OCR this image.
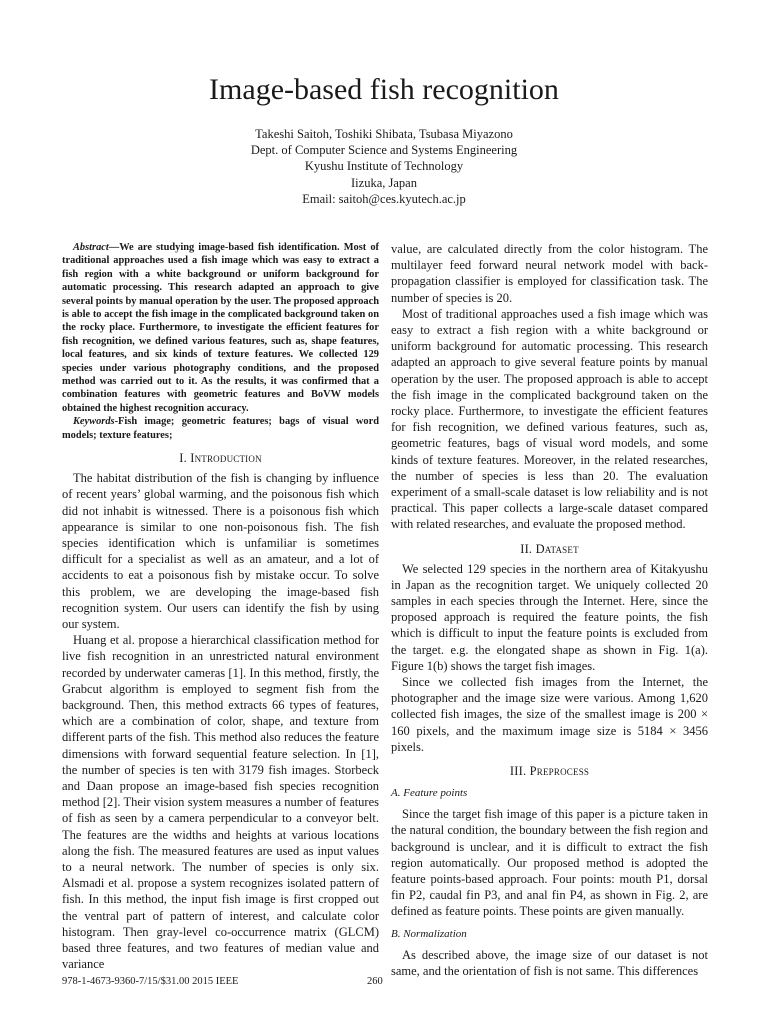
Image-based fish recognition
Takeshi Saitoh, Toshiki Shibata, Tsubasa Miyazono
Dept. of Computer Science and Systems Engineering
Kyushu Institute of Technology
Iizuka, Japan
Email: saitoh@ces.kyutech.ac.jp

Abstract—We are studying image-based fish identification. Most of traditional approaches used a fish image which was easy to extract a fish region with a white background or uniform background for automatic processing. This research adapted an approach to give several points by manual operation by the user. The proposed approach is able to accept the fish image in the complicated background taken on the rocky place. Furthermore, to investigate the efficient features for fish recognition, we defined various features, such as, shape features, local features, and six kinds of texture features. We collected 129 species under various photography conditions, and the proposed method was carried out to it. As the results, it was confirmed that a combination features with geometric features and BoVW models obtained the highest recognition accuracy.

Keywords-Fish image; geometric features; bags of visual word models; texture features;

I. Introduction

The habitat distribution of the fish is changing by influence of recent years’ global warming, and the poisonous fish which did not inhabit is witnessed. There is a poisonous fish which appearance is similar to one non-poisonous fish. The fish species identification which is unfamiliar is sometimes difficult for a specialist as well as an amateur, and a lot of accidents to eat a poisonous fish by mistake occur. To solve this problem, we are developing the image-based fish recognition system. Our users can identify the fish by using our system.

Huang et al. propose a hierarchical classification method for live fish recognition in an unrestricted natural environment recorded by underwater cameras [1]. In this method, firstly, the Grabcut algorithm is employed to segment fish from the background. Then, this method extracts 66 types of features, which are a combination of color, shape, and texture from different parts of the fish. This method also reduces the feature dimensions with forward sequential feature selection. In [1], the number of species is ten with 3179 fish images. Storbeck and Daan propose an image-based fish species recognition method [2]. Their vision system measures a number of features of fish as seen by a camera perpendicular to a conveyor belt. The features are the widths and heights at various locations along the fish. The measured features are used as input values to a neural network. The number of species is only six. Alsmadi et al. propose a system recognizes isolated pattern of fish. In this method, the input fish image is first cropped out the ventral part of pattern of interest, and calculate color histogram. Then gray-level co-occurrence matrix (GLCM) based three features, and two features of median value and variance

value, are calculated directly from the color histogram. The multilayer feed forward neural network model with back-propagation classifier is employed for classification task. The number of species is 20.

Most of traditional approaches used a fish image which was easy to extract a fish region with a white background or uniform background for automatic processing. This research adapted an approach to give several feature points by manual operation by the user. The proposed approach is able to accept the fish image in the complicated background taken on the rocky place. Furthermore, to investigate the efficient features for fish recognition, we defined various features, such as, geometric features, bags of visual word models, and some kinds of texture features. Moreover, in the related researches, the number of species is less than 20. The evaluation experiment of a small-scale dataset is low reliability and is not practical. This paper collects a large-scale dataset compared with related researches, and evaluate the proposed method.

II. Dataset

We selected 129 species in the northern area of Kitakyushu in Japan as the recognition target. We uniquely collected 20 samples in each species through the Internet. Here, since the proposed approach is required the feature points, the fish which is difficult to input the feature points is excluded from the target. e.g. the elongated shape as shown in Fig. 1(a). Figure 1(b) shows the target fish images.

Since we collected fish images from the Internet, the photographer and the image size were various. Among 1,620 collected fish images, the size of the smallest image is 200 × 160 pixels, and the maximum image size is 5184 × 3456 pixels.

III. Preprocess
A. Feature points

Since the target fish image of this paper is a picture taken in the natural condition, the boundary between the fish region and background is unclear, and it is difficult to extract the fish region automatically. Our proposed method is adopted the feature points-based approach. Four points: mouth P1, dorsal fin P2, caudal fin P3, and anal fin P4, as shown in Fig. 2, are defined as feature points. These points are given manually.

B. Normalization

As described above, the image size of our dataset is not same, and the orientation of fish is not same. This differences

978-1-4673-9360-7/15/$31.00 2015 IEEE	260
